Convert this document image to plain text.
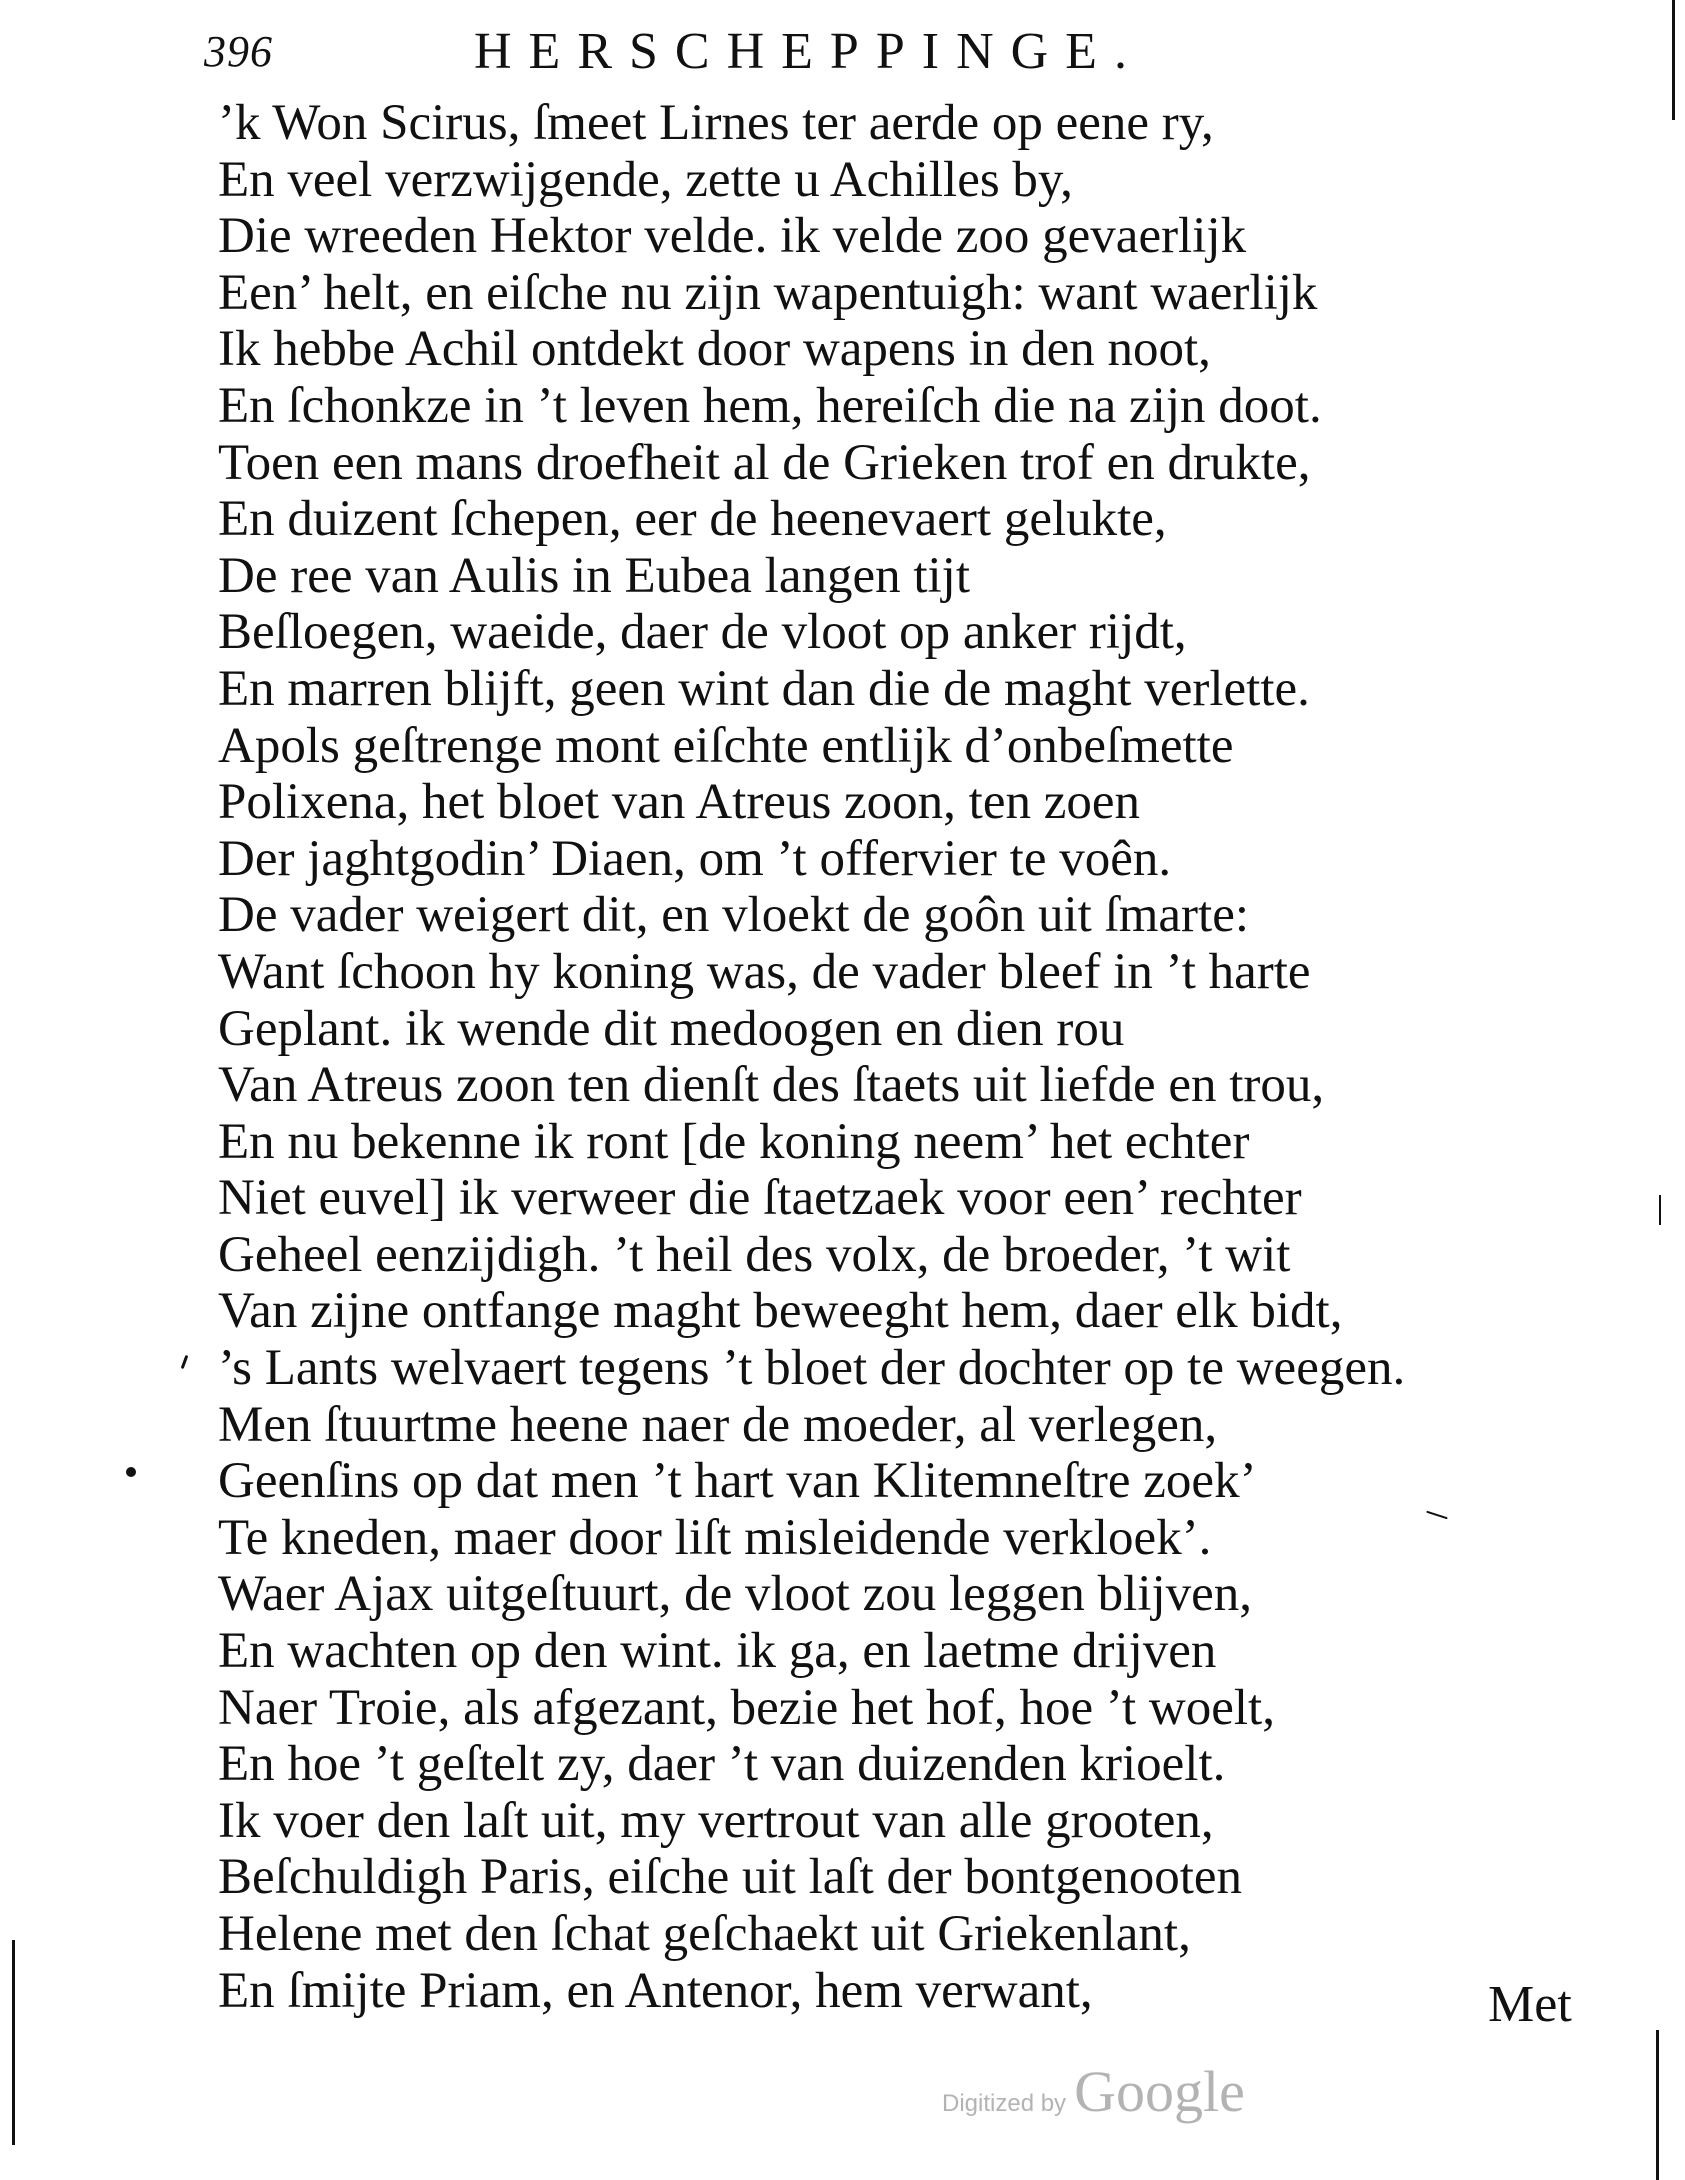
396	HERSCHEPPINGE.
’k Won Scirus, ſmeet Lirnes ter aerde op eene ry,
En veel verzwijgende, zette u Achilles by,
Die wreeden Hektor velde. ik velde zoo gevaerlijk
Een’ helt, en eiſche nu zijn wapentuigh: want waerlijk
Ik hebbe Achil ontdekt door wapens in den noot,
En ſchonkze in ’t leven hem, hereiſch die na zijn doot.
Toen een mans droefheit al de Grieken trof en drukte,
En duizent ſchepen, eer de heenevaert gelukte,
De ree van Aulis in Eubea langen tijt
Beſloegen, waeide, daer de vloot op anker rijdt,
En marren blijft, geen wint dan die de maght verlette.
Apols geſtrenge mont eiſchte entlijk d’onbeſmette
Polixena, het bloet van Atreus zoon, ten zoen
Der jaghtgodin’ Diaen, om ’t offervier te voên.
De vader weigert dit, en vloekt de goôn uit ſmarte:
Want ſchoon hy koning was, de vader bleef in ’t harte
Geplant. ik wende dit medoogen en dien rou
Van Atreus zoon ten dienſt des ſtaets uit liefde en trou,
En nu bekenne ik ront [de koning neem’ het echter
Niet euvel] ik verweer die ſtaetzaek voor een’ rechter
Geheel eenzijdigh. ’t heil des volx, de broeder, ’t wit
Van zijne ontfange maght beweeght hem, daer elk bidt,
’s Lants welvaert tegens ’t bloet der dochter op te weegen.
Men ſtuurtme heene naer de moeder, al verlegen,
Geenſins op dat men ’t hart van Klitemneſtre zoek’
Te kneden, maer door liſt misleidende verkloek’.
Waer Ajax uitgeſtuurt, de vloot zou leggen blijven,
En wachten op den wint. ik ga, en laetme drijven
Naer Troie, als afgezant, bezie het hof, hoe ’t woelt,
En hoe ’t geſtelt zy, daer ’t van duizenden krioelt.
Ik voer den laſt uit, my vertrout van alle grooten,
Beſchuldigh Paris, eiſche uit laſt der bontgenooten
Helene met den ſchat geſchaekt uit Griekenlant,
En ſmijte Priam, en Antenor, hem verwant,	Met
Digitized by Google
